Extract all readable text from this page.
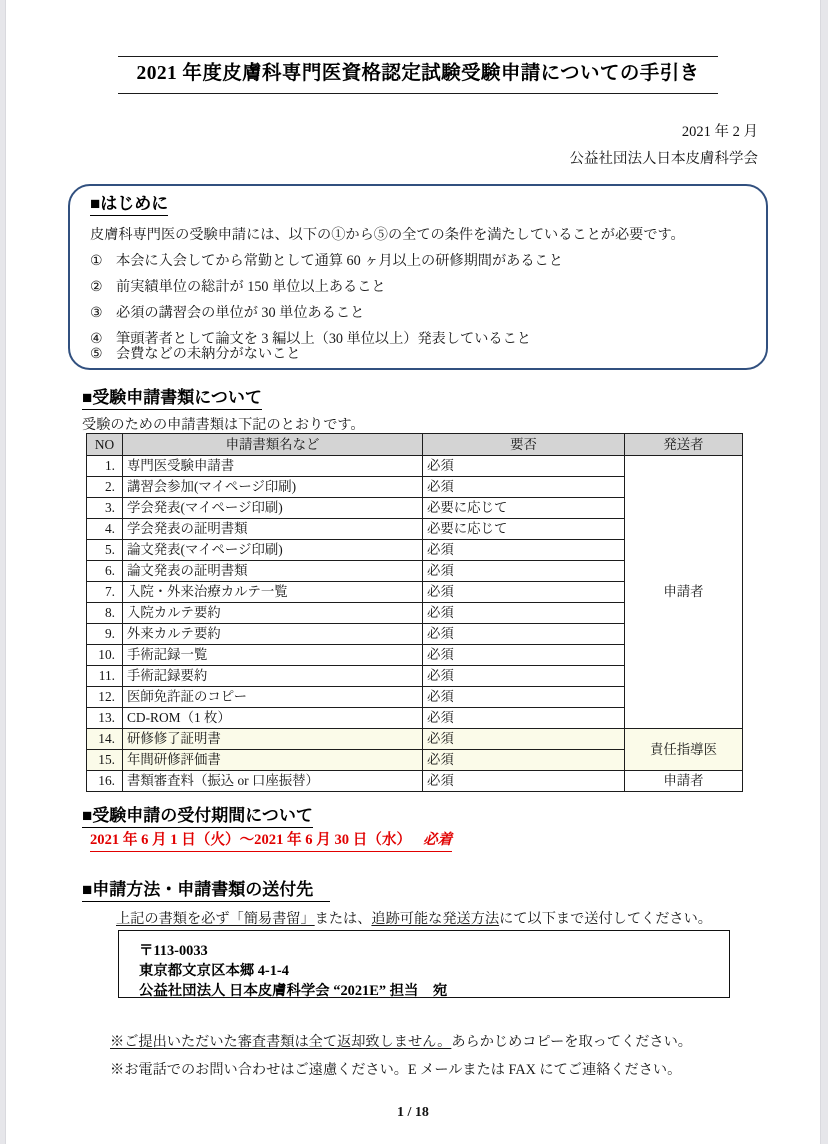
2021 年度皮膚科専門医資格認定試験受験申請についての手引き
2021 年 2 月
公益社団法人日本皮膚科学会
■はじめに
皮膚科専門医の受験申請には、以下の①から⑤の全ての条件を満たしていることが必要です。
① 本会に入会してから常勤として通算 60 ヶ月以上の研修期間があること
② 前実績単位の総計が 150 単位以上あること
③ 必須の講習会の単位が 30 単位あること
④ 筆頭著者として論文を 3 編以上（30 単位以上）発表していること
⑤ 会費などの未納分がないこと
■受験申請書類について
受験のための申請書類は下記のとおりです。
NO	申請書類名など	要否	発送者
1.	専門医受験申請書	必須	申請者
2.	講習会参加(マイページ印刷)	必須	
3.	学会発表(マイページ印刷)	必要に応じて	
4.	学会発表の証明書類	必要に応じて	
5.	論文発表(マイページ印刷)	必須	
6.	論文発表の証明書類	必須	
7.	入院・外来治療カルテ一覧	必須	
8.	入院カルテ要約	必須	
9.	外来カルテ要約	必須	
10.	手術記録一覧	必須	
11.	手術記録要約	必須	
12.	医師免許証のコピー	必須	
13.	CD-ROM（1 枚）	必須	
14.	研修修了証明書	必須	責任指導医
15.	年間研修評価書	必須	
16.	書類審査料（振込 or 口座振替）	必須	申請者
■受験申請の受付期間について
2021 年 6 月 1 日（火）～2021 年 6 月 30 日（水） 必着
■申請方法・申請書類の送付先　
上記の書類を必ず「簡易書留」または、追跡可能な発送方法にて以下まで送付してください。
〒113-0033
東京都文京区本郷 4-1-4
公益社団法人 日本皮膚科学会 “2021E” 担当　宛
※ご提出いただいた審査書類は全て返却致しません。あらかじめコピーを取ってください。
※お電話でのお問い合わせはご遠慮ください。E メールまたは FAX にてご連絡ください。
1 / 18
